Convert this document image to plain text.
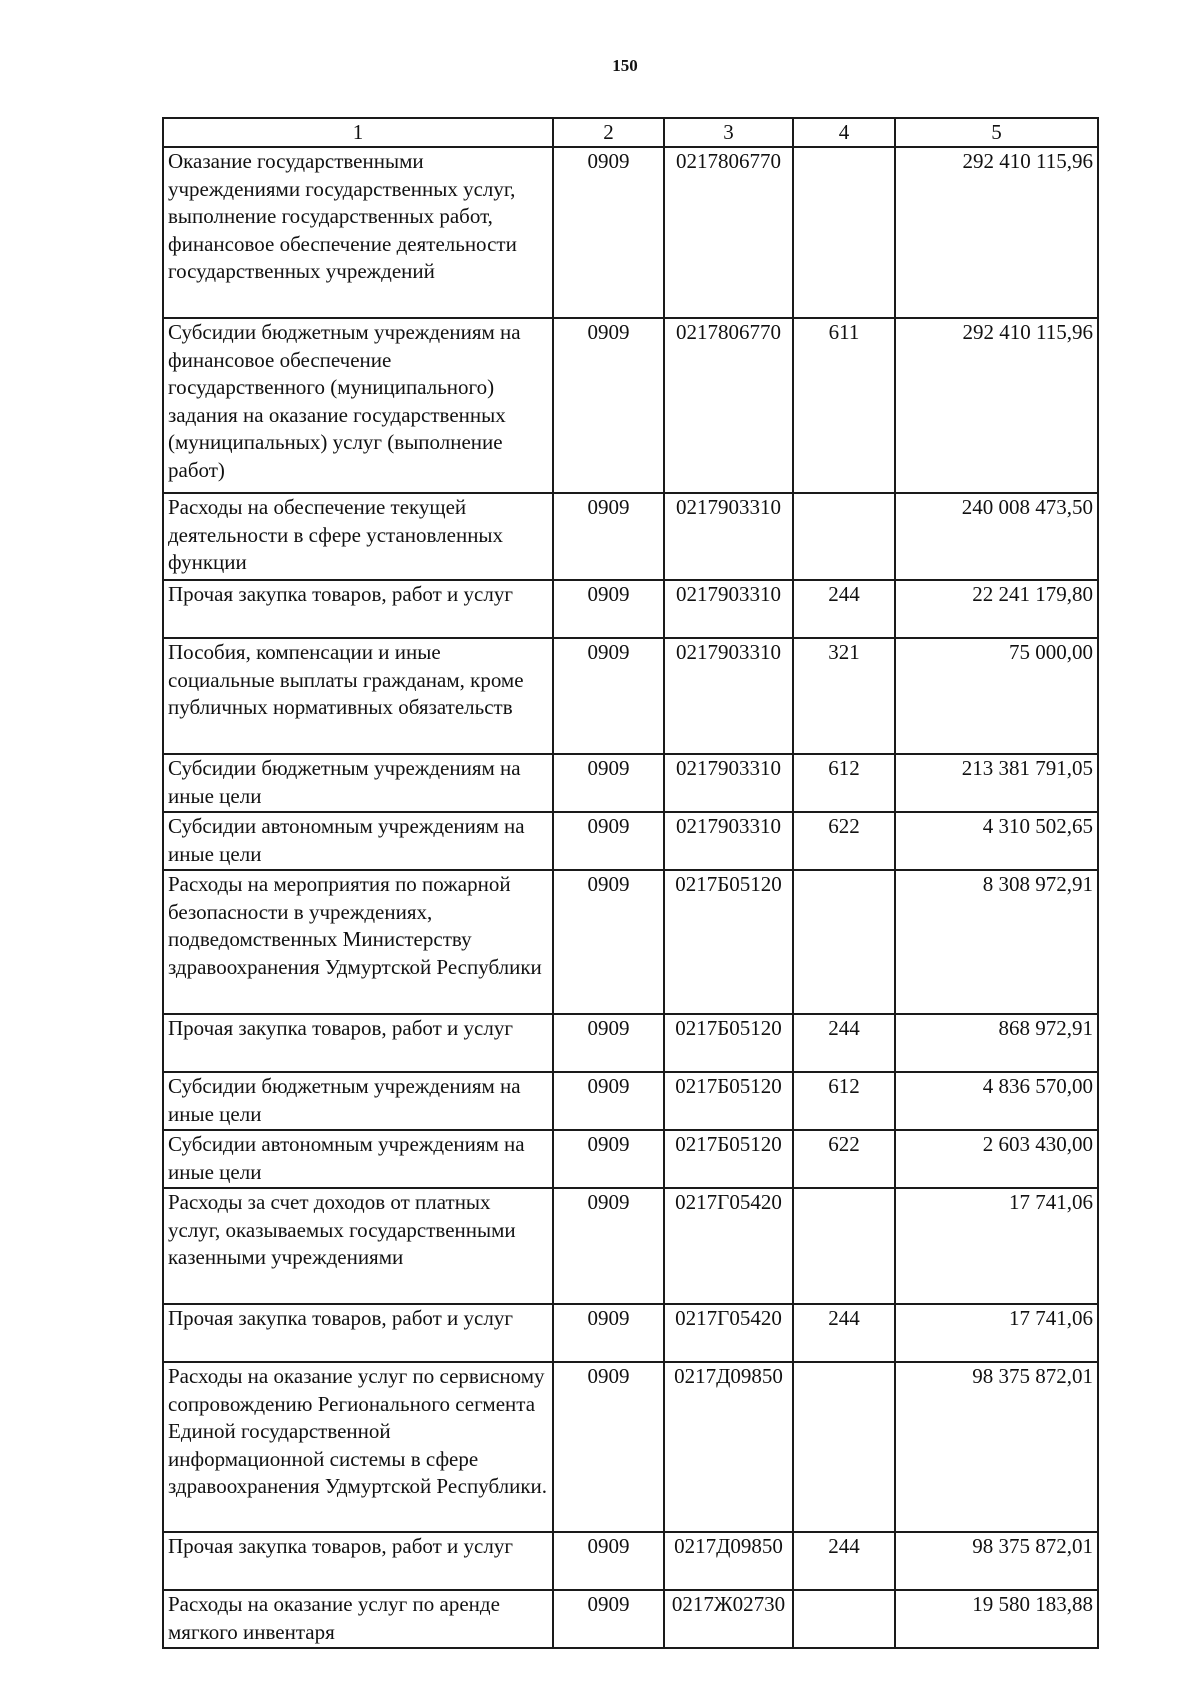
150
1	2	3	4	5
Оказание государственными учреждениями государственных услуг, выполнение государственных работ, финансовое обеспечение деятельности государственных учреждений	0909	0217806770		292 410 115,96
Субсидии бюджетным учреждениям на финансовое обеспечение государственного (муниципального) задания на оказание государственных (муниципальных) услуг (выполнение работ)	0909	0217806770	611	292 410 115,96
Расходы на обеспечение текущей деятельности в сфере установленных функции	0909	0217903310		240 008 473,50
Прочая закупка товаров, работ и услуг	0909	0217903310	244	22 241 179,80
Пособия, компенсации и иные социальные выплаты гражданам, кроме публичных нормативных обязательств	0909	0217903310	321	75 000,00
Субсидии бюджетным учреждениям на иные цели	0909	0217903310	612	213 381 791,05
Субсидии автономным учреждениям на иные цели	0909	0217903310	622	4 310 502,65
Расходы на мероприятия по пожарной безопасности в учреждениях, подведомственных Министерству здравоохранения Удмуртской Республики	0909	0217Б05120		8 308 972,91
Прочая закупка товаров, работ и услуг	0909	0217Б05120	244	868 972,91
Субсидии бюджетным учреждениям на иные цели	0909	0217Б05120	612	4 836 570,00
Субсидии автономным учреждениям на иные цели	0909	0217Б05120	622	2 603 430,00
Расходы за счет доходов от платных услуг, оказываемых государственными казенными учреждениями	0909	0217Г05420		17 741,06
Прочая закупка товаров, работ и услуг	0909	0217Г05420	244	17 741,06
Расходы на оказание услуг по сервисному сопровождению Регионального сегмента Единой государственной информационной системы в сфере здравоохранения Удмуртской Республики.	0909	0217Д09850		98 375 872,01
Прочая закупка товаров, работ и услуг	0909	0217Д09850	244	98 375 872,01
Расходы на оказание услуг по аренде мягкого инвентаря	0909	0217Ж02730		19 580 183,88
